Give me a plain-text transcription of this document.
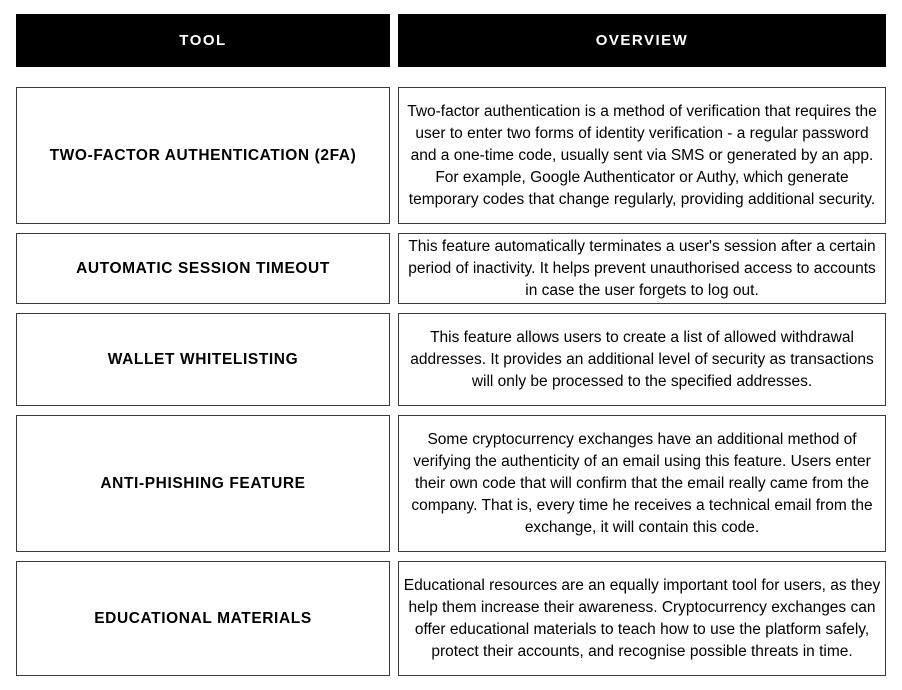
TOOL	OVERVIEW
TWO-FACTOR AUTHENTICATION (2FA)
Two-factor authentication is a method of verification that requires the user to enter two forms of identity verification - a regular password and a one-time code, usually sent via SMS or generated by an app. For example, Google Authenticator or Authy, which generate temporary codes that change regularly, providing additional security.
AUTOMATIC SESSION TIMEOUT
This feature automatically terminates a user's session after a certain period of inactivity. It helps prevent unauthorised access to accounts in case the user forgets to log out.
WALLET WHITELISTING
This feature allows users to create a list of allowed withdrawal addresses. It provides an additional level of security as transactions will only be processed to the specified addresses.
ANTI-PHISHING FEATURE
Some cryptocurrency exchanges have an additional method of verifying the authenticity of an email using this feature. Users enter their own code that will confirm that the email really came from the company. That is, every time he receives a technical email from the exchange, it will contain this code.
EDUCATIONAL MATERIALS
Educational resources are an equally important tool for users, as they help them increase their awareness. Cryptocurrency exchanges can offer educational materials to teach how to use the platform safely, protect their accounts, and recognise possible threats in time.
